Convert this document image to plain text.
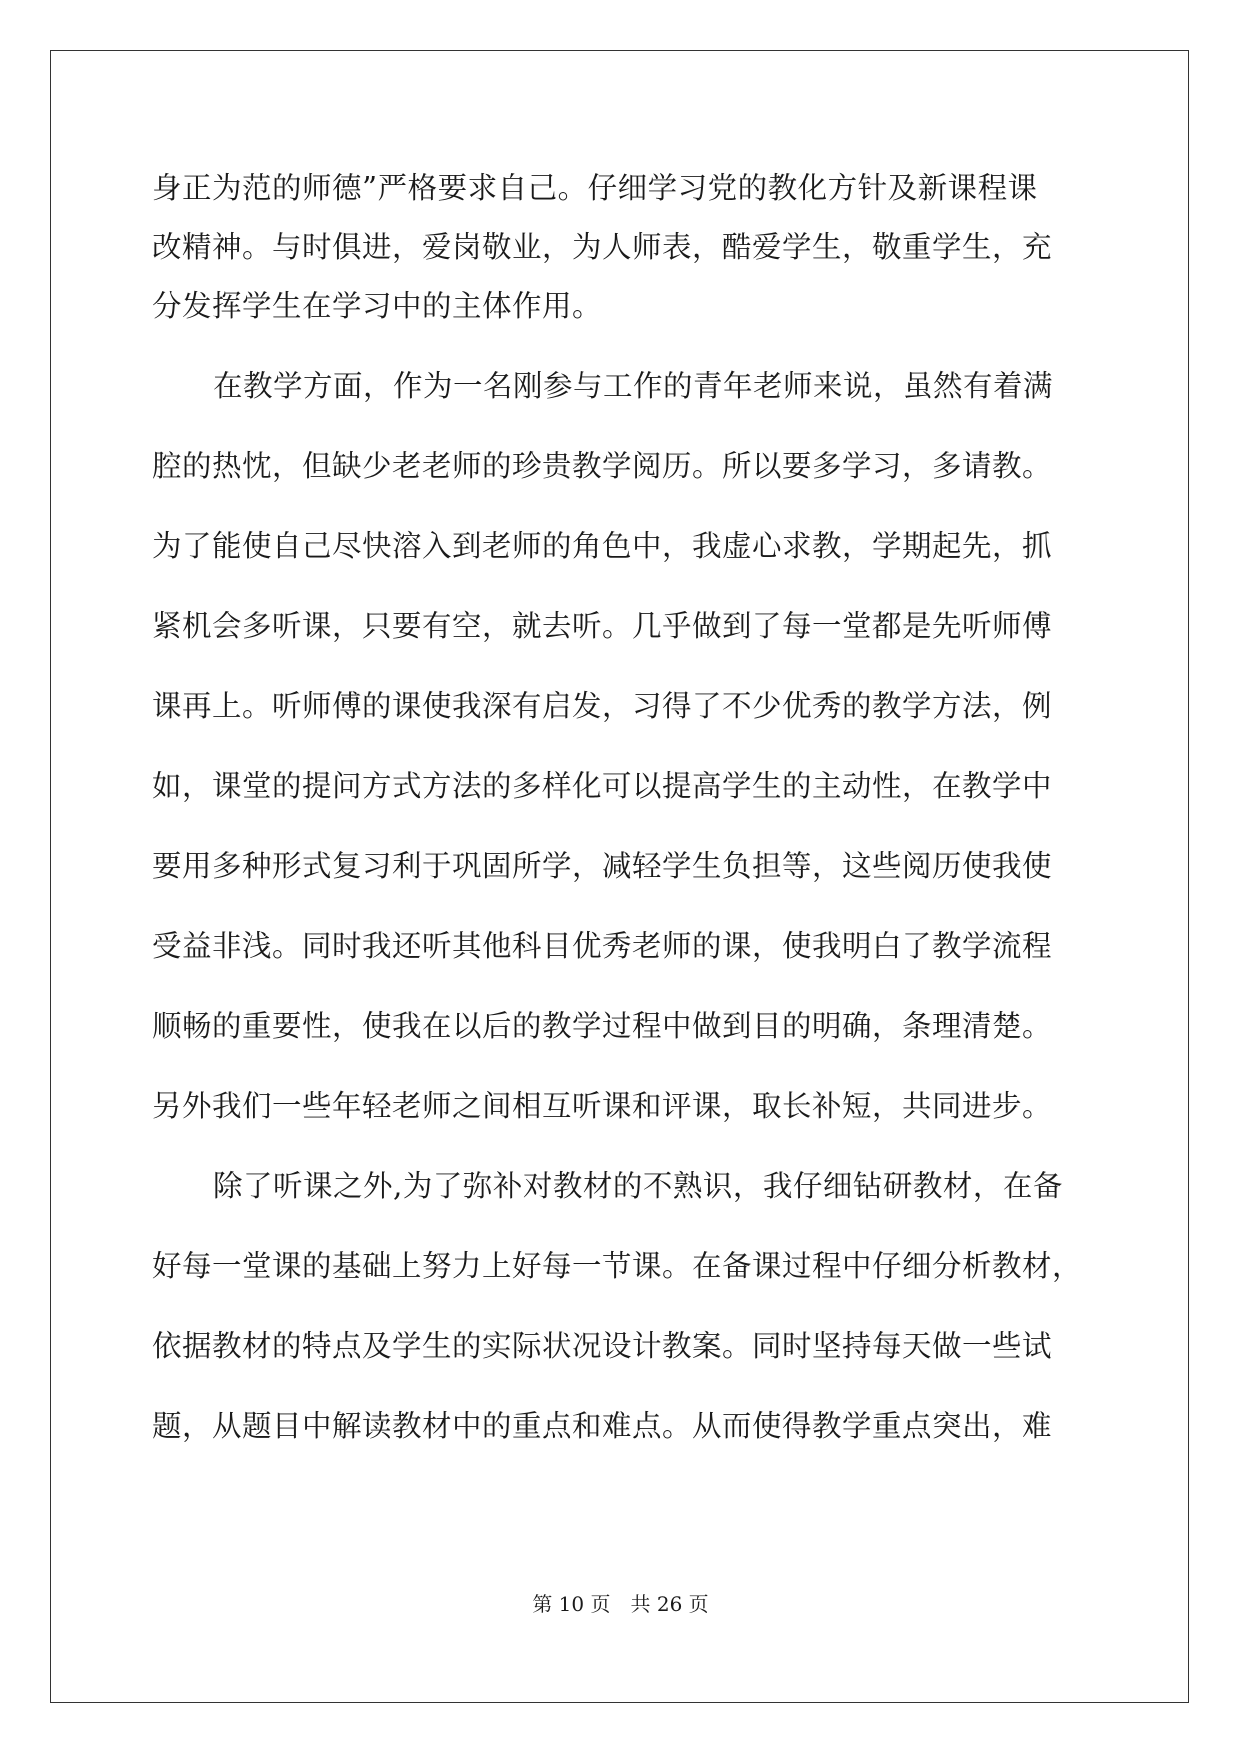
身正为范的师德”严格要求自己。仔细学习党的教化方针及新课程课
改精神。与时俱进，爱岗敬业，为人师表，酷爱学生，敬重学生，充
分发挥学生在学习中的主体作用。
在教学方面，作为一名刚参与工作的青年老师来说，虽然有着满
腔的热忱，但缺少老老师的珍贵教学阅历。所以要多学习，多请教。
为了能使自己尽快溶入到老师的角色中，我虚心求教，学期起先，抓
紧机会多听课，只要有空，就去听。几乎做到了每一堂都是先听师傅
课再上。听师傅的课使我深有启发，习得了不少优秀的教学方法，例
如，课堂的提问方式方法的多样化可以提高学生的主动性，在教学中
要用多种形式复习利于巩固所学，减轻学生负担等，这些阅历使我使
受益非浅。同时我还听其他科目优秀老师的课，使我明白了教学流程
顺畅的重要性，使我在以后的教学过程中做到目的明确，条理清楚。
另外我们一些年轻老师之间相互听课和评课，取长补短，共同进步。
除了听课之外,为了弥补对教材的不熟识，我仔细钻研教材，在备
好每一堂课的基础上努力上好每一节课。在备课过程中仔细分析教材，
依据教材的特点及学生的实际状况设计教案。同时坚持每天做一些试
题，从题目中解读教材中的重点和难点。从而使得教学重点突出，难
第 10 页　共 26 页
